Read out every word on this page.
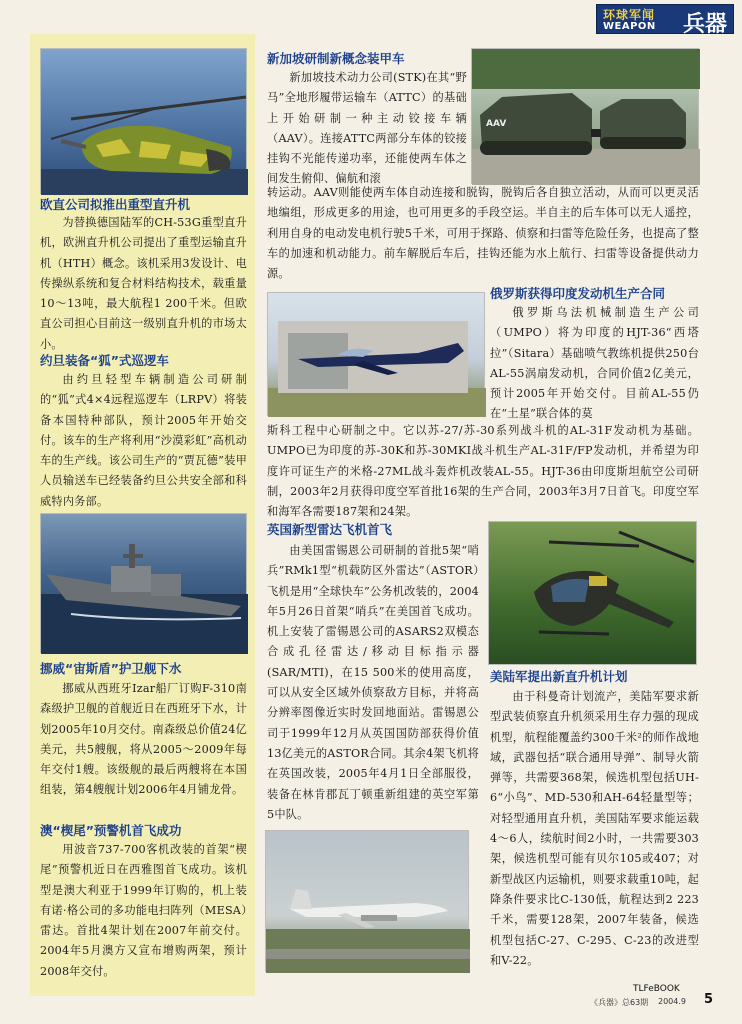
环球军闻
WEAPON 兵器
欧直公司拟推出重型直升机
为替换德国陆军的CH-53G重型直升机，欧洲直升机公司提出了重型运输直升机（HTH）概念。该机采用3发设计、电传操纵系统和复合材料结构技术，载重量10～13吨，最大航程1 200千米。但欧直公司担心目前这一级别直升机的市场太小。
约旦装备“狐”式巡逻车
由约旦轻型车辆制造公司研制的“狐”式4×4远程巡逻车（LRPV）将装备本国特种部队，预计2005年开始交付。该车的生产将利用“沙漠彩虹”高机动车的生产线。该公司生产的“贾瓦德”装甲人员输送车已经装备约旦公共安全部和科威特内务部。
挪威“宙斯盾”护卫舰下水
挪威从西班牙Izar船厂订购F-310南森级护卫舰的首舰近日在西班牙下水，计划2005年10月交付。南森级总价值24亿美元，共5艘舰，将从2005～2009年每年交付1艘。该级舰的最后两艘将在本国组装，第4艘舰计划2006年4月铺龙骨。
澳“楔尾”预警机首飞成功
用波音737-700客机改装的首架“楔尾”预警机近日在西雅图首飞成功。该机型是澳大利亚于1999年订购的，机上装有诺·格公司的多功能电扫阵列（MESA）雷达。首批4架计划在2007年前交付。2004年5月澳方又宣布增购两架，预计2008年交付。
新加坡研制新概念装甲车
新加坡技术动力公司(STK)在其“野马”全地形履带运输车（ATTC）的基础上开始研制一种主动铰接车辆（AAV）。连接ATTC两部分车体的铰接挂钩不光能传递功率，还能使两车体之间发生俯仰、偏航和滚
AAV
转运动。AAV则能使两车体自动连接和脱钩，脱钩后各自独立活动，从而可以更灵活地编组，形成更多的用途，也可用更多的手段空运。半自主的后车体可以无人遥控，利用自身的电动发电机行驶5千米，可用于探路、侦察和扫雷等危险任务，也提高了整车的加速和机动能力。前车解脱后车后，挂钩还能为水上航行、扫雷等设备提供动力源。
俄罗斯获得印度发动机生产合同
俄罗斯乌法机械制造生产公司（UMPO）将为印度的HJT-36“西塔拉”（Sitara）基础喷气教练机提供250台AL-55涡扇发动机，合同价值2亿美元，预计2005年开始交付。目前AL-55仍在“土星”联合体的莫
斯科工程中心研制之中。它以苏-27/苏-30系列战斗机的AL-31F发动机为基础。UMPO已为印度的苏-30K和苏-30MKI战斗机生产AL-31F/FP发动机，并希望为印度许可证生产的米格-27ML战斗轰炸机改装AL-55。HJT-36由印度斯坦航空公司研制，2003年2月获得印度空军首批16架的生产合同，2003年3月7日首飞。印度空军和海军各需要187架和24架。
英国新型雷达飞机首飞
由美国雷锡恩公司研制的首批5架“哨兵”RMk1型“机载防区外雷达”（ASTOR）飞机是用“全球快车”公务机改装的，2004年5月26日首架“哨兵”在美国首飞成功。机上安装了雷锡恩公司的ASARS2双模态合成孔径雷达/移动目标指示器(SAR/MTI)，在15 500米的使用高度，可以从安全区域外侦察敌方目标，并将高分辨率图像近实时发回地面站。雷锡恩公司于1999年12月从英国国防部获得价值13亿美元的ASTOR合同。其余4架飞机将在英国改装，2005年4月1日全部服役，装备在林肯郡瓦丁顿重新组建的英空军第5中队。
美陆军提出新直升机计划
由于科曼奇计划流产，美陆军要求新型武装侦察直升机须采用生存力强的现成机型，航程能覆盖约300千米²的师作战地域，武器包括“联合通用导弹”、制导火箭弹等，共需要368架，候选机型包括UH-6“小鸟”、MD-530和AH-64轻量型等；对轻型通用直升机，美国陆军要求能运载4～6人，续航时间2小时，一共需要303架，候选机型可能有贝尔105或407；对新型战区内运输机，则要求载重10吨，起降条件要求比C-130低，航程达到2 223千米，需要128架，2007年装备，候选机型包括C-27、C-295、C-23的改进型和V-22。
TLFeBOOK
《兵器》总63期 2004.9 5
